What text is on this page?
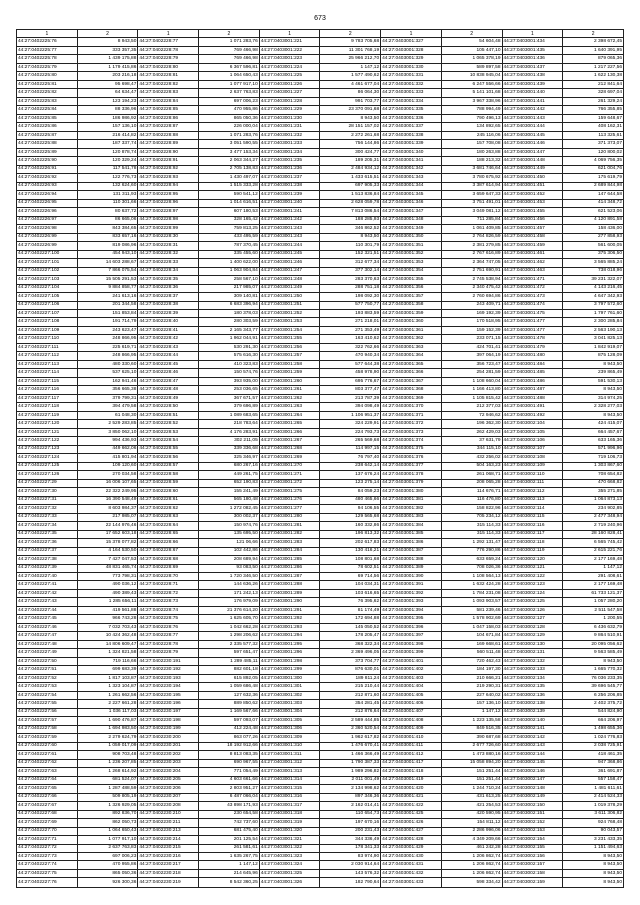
673
1	2	1	2	1	2	1	2	1	2
44:27:0402225:76	8 943,50	44:27:0402228:77	1 071 283,76	44:27:0403001:221	9 783 705,68	44:27:0403001:327	54 604,48	44:27:0403001:434	2 398 672,45
44:27:0402225:77	333 357,35	44:27:0402228:78	769 466,98	44:27:0403001:222	11 301 768,19	44:27:0403001:328	105 447,10	44:27:0403001:435	1 640 391,95
44:27:0402225:78	1 439 175,88	44:27:0402228:79	769 466,98	44:27:0403001:223	25 966 212,70	44:27:0403001:329	1 065 378,19	44:27:0403001:436	879 065,36
44:27:0402225:79	1 179 415,86	44:27:0402228:80	6 367 596,81	44:27:0403001:224	1 147,12	44:27:0403001:330	589 897,58	44:27:0403001:437	1 217 227,56
44:27:0402225:80	203 216,18	44:27:0402228:81	1 064 650,43	44:27:0403001:225	1 577 490,62	44:27:0403001:331	10 838 945,04	44:27:0403001:438	1 622 130,38
44:27:0402225:81	95 698,47	44:27:0402228:82	1 077 917,10	44:27:0403001:226	4 461 677,04	44:27:0403001:332	6 247 556,66	44:27:0403001:439	212 841,64
44:27:0402225:82	64 634,47	44:27:0402228:83	2 637 763,83	44:27:0403001:227	86 064,30	44:27:0403001:333	5 141 101,68	44:27:0403001:440	328 697,04
44:27:0402225:83	123 194,23	44:27:0402228:84	697 006,23	44:27:0403001:228	991 703,77	44:27:0403001:334	3 967 338,96	44:27:0403001:441	261 329,24
44:27:0402225:84	88 336,96	44:27:0402228:85	470 955,86	44:27:0403001:229	23 370 091,68	44:27:0403001:335	788 994,49	44:27:0403001:442	766 355,85
44:27:0402225:85	186 986,92	44:27:0402228:86	865 050,36	44:27:0403001:230	8 943,50	44:27:0403001:336	790 496,13	44:27:0403001:443	159 648,67
44:27:0402225:86	157 136,10	44:27:0402228:87	226 000,04	44:27:0403001:231	28 151 157,02	44:27:0403001:337	134 892,65	44:27:0403001:444	408 162,31
44:27:0402225:87	216 414,82	44:27:0402228:88	1 071 283,76	44:27:0403001:232	2 272 261,68	44:27:0403001:338	245 116,06	44:27:0403001:445	113 325,61
44:27:0402225:88	187 337,74	44:27:0402228:89	3 051 590,55	44:27:0403001:233	756 144,86	44:27:0403001:339	157 708,08	44:27:0403001:446	371 373,07
44:27:0402225:89	120 878,74	44:27:0402228:90	3 477 153,34	44:27:0403001:234	300 424,77	44:27:0403001:340	180 263,88	44:27:0403001:447	120 800,02
44:27:0402225:90	120 329,24	44:27:0402228:91	2 063 344,27	44:27:0403001:235	189 205,31	44:27:0403001:341	188 213,32	44:27:0403001:448	4 069 756,35
44:27:0402226:91	117 541,78	44:27:0402228:92	2 705 138,83	44:27:0403001:236	2 484 934,12	44:27:0403001:342	3 681 746,64	44:27:0403001:449	621 004,76
44:27:0402226:92	122 776,73	44:27:0402228:93	1 430 497,07	44:27:0403001:237	1 433 615,51	44:27:0403001:343	3 780 675,92	44:27:0403001:450	175 619,79
44:27:0402226:93	132 624,60	44:27:0402228:94	1 515 333,28	44:27:0403001:238	697 905,33	44:27:0403001:344	3 387 614,94	44:27:0403001:451	2 689 844,98
44:27:0402226:94	131 311,93	44:27:0402228:95	590 541,12	44:27:0403001:239	1 513 836,84	44:27:0403001:345	3 659 647,33	44:27:0403001:452	147 644,58
44:27:0402226:95	110 301,66	44:27:0402228:96	1 014 616,51	44:27:0403001:240	2 628 059,78	44:27:0403001:346	3 751 491,01	44:27:0403001:453	414 348,72
44:27:0402226:96	80 637,72	44:27:0402228:97	607 180,53	44:27:0403001:241	7 813 086,54	44:27:0403001:347	3 049 081,12	44:27:0403001:455	621 523,06
44:27:0402226:97	86 665,06	44:27:0402228:98	328 165,42	44:27:0403001:242	188 285,93	44:27:0403001:348	711 285,84	44:27:0403001:456	4 120 891,58
44:27:0402226:98	843 384,65	44:27:0402228:99	759 813,25	44:27:0403001:243	346 862,52	44:27:0403001:349	1 061 409,85	44:27:0403001:457	158 436,00
44:27:0402226:99	833 657,16	44:27:0402228:30	433 495,59	44:27:0403001:243	8 943,50	44:27:0403001:350	2 764 826,59	44:27:0403001:458	277 858,93
44:27:0402226:99	819 086,96	44:27:0402228:31	787 370,45	44:27:0403001:244	110 301,79	44:27:0403001:351	2 381 279,85	44:27:0403001:459	561 600,05
44:27:0402227:100	454 943,10	44:27:0402228:32	335 455,60	44:27:0403001:245	152 321,51	44:27:0403001:352	2 767 616,89	44:27:0403001:461	375 306,50
44:27:0402227:101	14 603 288,67	44:27:0402228:33	1 400 622,00	44:27:0403001:246	312 677,34	44:27:0403001:353	2 364 747,05	44:27:0403001:462	3 565 885,24
44:27:0402227:102	7 866 075,54	44:27:0402228:34	1 063 904,84	44:27:0403001:247	377 302,14	44:27:0403001:354	2 751 690,91	44:27:0403001:463	738 018,96
44:27:0402227:103	15 505 291,53	44:27:0402228:35	258 567,10	44:27:0403001:248	283 370,63	44:27:0403001:355	2 745 538,94	44:27:0403001:471	39 231 322,07
44:27:0402227:104	9 884 858,77	44:27:0402228:36	217 985,07	44:27:0403001:249	288 751,18	44:27:0403001:356	2 340 475,42	44:27:0403001:472	4 143 216,45
44:27:0402227:105	241 613,16	44:27:0402228:37	309 140,81	44:27:0403001:250	198 092,30	44:27:0403001:357	2 760 694,86	44:27:0403001:473	4 647 342,93
44:27:0402227:106	201 344,58	44:27:0402228:38	6 683 396,94	44:27:0403001:251	577 750,77	44:27:0403001:358	243 409,71	44:27:0403001:474	3 797 572,60
44:27:0402227:107	151 853,84	44:27:0402228:39	180 378,03	44:27:0403001:252	193 883,59	44:27:0403001:359	169 192,39	44:27:0403001:475	1 797 761,60
44:27:0402227:108	191 714,79	44:27:0402228:40	280 303,59	44:27:0403001:253	271 218,01	44:27:0403001:360	170 518,95	44:27:0403001:477	2 300 285,84
44:27:0402227:109	243 623,47	44:27:0402228:41	2 165 343,77	44:27:0403001:254	271 353,49	44:27:0403001:361	159 152,39	44:27:0403001:477	2 563 190,13
44:27:0402227:110	248 866,95	44:27:0402228:42	1 962 044,91	44:27:0403001:255	163 410,62	44:27:0403001:362	233 071,15	44:27:0403001:478	3 041 825,13
44:27:0402227:111	225 619,71	44:27:0402228:43	530 291,30	44:27:0403001:256	322 762,66	44:27:0403001:363	424 701,41	44:27:0403001:479	1 842 919,07
44:27:0402227:112	248 866,95	44:27:0402228:44	575 616,30	44:27:0403001:257	470 940,34	44:27:0403001:364	397 064,19	44:27:0403001:480	875 128,09
44:27:0402227:113	480 330,60	44:27:0402228:45	410 323,83	44:27:0403001:258	577 644,38	44:27:0403001:365	356 723,47	44:27:0403001:484	8 943,50
44:27:0402227:114	537 625,10	44:27:0402228:46	150 574,76	44:27:0403001:259	458 978,90	44:27:0403001:366	254 281,59	44:27:0403001:485	239 865,49
44:27:0402227:115	162 941,46	44:27:0402228:47	393 935,00	44:27:0403001:260	695 776,67	44:27:0403001:367	1 108 660,04	44:27:0403001:486	591 530,13
44:27:0402227:116	356 665,38	44:27:0402228:48	253 036,65	44:27:0403001:261	803 377,47	44:27:0403001:368	1 166 413,80	44:27:0403001:487	8 943,50
44:27:0402227:117	379 799,31	44:27:0402228:49	367 671,57	44:27:0403001:262	213 787,39	44:27:0403001:369	1 105 815,42	44:27:0403001:488	314 974,25
44:27:0402227:118	394 479,58	44:27:0402228:50	379 696,89	44:27:0403001:263	394 098,49	44:27:0403001:370	212 377,03	44:27:0403001:491	2 328 277,03
44:27:0402227:119	61 048,30	44:27:0402228:51	1 089 683,65	44:27:0403001:264	1 106 951,37	44:27:0403001:371	72 946,62	44:27:0403001:492	8 943,50
44:27:0402227:120	2 529 283,85	44:27:0402228:52	218 783,64	44:27:0403001:265	324 229,91	44:27:0403001:372	196 362,30	44:27:0403002:104	424 415,07
44:27:0402227:121	3 850 062,10	44:27:0402228:53	4 176 283,91	44:27:0403001:266	224 793,73	44:27:0403001:373	262 429,03	44:27:0403002:105	664 457,67
44:27:0402227:122	994 436,93	44:27:0402228:54	302 211,05	44:27:0403001:267	265 569,68	44:27:0403001:374	37 631,79	44:27:0403002:106	633 165,36
44:27:0402227:123	449 662,06	44:27:0402228:55	339 336,68	44:27:0403001:268	114 997,15	44:27:0403001:375	344 115,10	44:27:0403002:107	571 996,96
44:27:0402227:124	415 801,94	44:27:0402228:56	325 346,97	44:27:0403001:269	76 797,40	44:27:0403001:376	432 256,02	44:27:0403002:108	719 106,73
44:27:0402227:125	109 120,60	44:27:0402228:57	680 267,16	44:27:0403001:270	238 642,14	44:27:0403001:377	504 163,23	44:27:0403002:109	1 303 867,60
44:27:0402227:126	270 034,58	44:27:0402228:58	449 261,75	44:27:0403001:271	137 676,24	44:27:0403001:378	261 068,71	44:27:0403002:110	708 654,82
44:27:0402227:29	16 006 107,65	44:27:0402228:59	652 190,83	44:27:0403001:272	123 275,14	44:27:0403001:379	208 065,28	44:27:0403002:111	470 668,82
44:27:0402227:30	22 322 249,95	44:27:0402228:60	155 241,49	44:27:0403001:275	84 059,23	44:27:0403001:380	114 676,71	44:27:0403002:112	355 271,85
44:27:0402227:31	16 390 548,49	44:27:0402228:61	565 180,48	44:27:0403001:276	480 465,66	44:27:0403001:381	116 476,80	44:27:0403002:113	1 064 873,13
44:27:0402227:32	8 603 984,37	44:27:0402228:62	1 272 082,45	44:27:0403001:277	94 106,55	44:27:0403001:382	158 822,96	44:27:0403002:114	234 902,85
44:27:0402227:33	217 985,07	44:27:0402228:63	300 002,37	44:27:0403001:280	129 565,68	44:27:0403001:383	705 234,12	44:27:0403002:115	2 477 348,94
44:27:0402227:34	22 144 976,46	44:27:0402228:64	150 974,76	44:27:0403001:281	160 332,86	44:27:0403001:384	315 114,33	44:27:0403002:116	2 719 240,96
44:27:0402227:35	17 652 603,18	44:27:0402228:65	135 695,50	44:27:0403001:282	196 813,32	44:27:0403001:385	315 114,33	44:27:0403002:117	28 160 828,41
44:27:0402227:36	15 378 077,82	44:27:0402228:66	121 06,66	44:27:0403001:283	202 617,83	44:27:0403001:386	1 292 131,47	44:27:0403002:118	6 565 745,42
44:27:0402227:37	4 164 530,50	44:27:0402228:67	102 442,86	44:27:0403001:284	130 416,21	44:27:0403001:387	776 290,86	44:27:0403002:119	2 615 221,76
44:27:0402227:38	7 427 047,53	44:27:0402228:68	208 689,94	44:27:0403001:285	108 801,68	44:27:0403001:388	633 659,24	44:27:0403002:120	2 177 169,48
44:27:0402227:39	48 831 465,74	44:27:0402228:69	93 083,50	44:27:0403001:286	78 602,51	44:27:0403001:389	708 026,36	44:27:0403002:121	1 147,12
44:27:0402227:40	773 798,31	44:27:0402228:70	1 720 346,50	44:27:0403001:287	69 714,56	44:27:0403001:390	1 108 564,13	44:27:0403002:122	291 408,61
44:27:0402227:41	490 036,12	44:27:0402228:71	144 636,26	44:27:0403001:288	104 034,31	44:27:0403001:391	1 632 424,28	44:27:0403002:123	2 177 169,48
44:27:0402227:42	490 389,43	44:27:0402228:72	171 242,13	44:27:0403001:289	103 616,65	44:27:0403001:392	1 784 231,08	44:27:0403002:124	61 733 121,37
44:27:0402227:43	1 285 656,11	44:27:0402228:73	176 979,09	44:27:0403001:290	76 395,62	44:27:0403001:393	1 093 903,57	44:27:0403002:125	1 057 280,20
44:27:0402227:44	419 561,88	44:27:0402228:74	21 376 614,20	44:27:0403001:291	81 174,49	44:27:0403001:394	581 239,46	44:27:0403002:126	2 511 547,58
44:27:0402227:45	966 743,28	44:27:0402228:75	1 625 605,70	44:27:0403001:292	172 694,88	44:27:0403001:395	1 578 902,69	44:27:0403002:127	1 200,55
44:27:0402227:46	7 032 703,43	44:27:0402228:76	1 042 662,28	44:27:0403001:293	145 050,52	44:27:0403001:396	1 047 158,03	44:27:0403002:128	6 436 632,79
44:27:0402227:47	10 424 362,48	44:27:0402228:77	1 298 206,62	44:27:0403001:294	178 205,47	44:27:0403001:397	104 671,84	44:27:0403002:129	9 864 510,91
44:27:0402227:48	14 806 609,47	44:27:0402228:78	2 335 577,32	44:27:0403001:295	368 322,34	44:27:0403001:398	169 668,61	44:27:0403002:130	20 095 056,62
44:27:0402227:49	1 324 821,58	44:27:0402228:79	597 651,47	44:27:0403001:296	2 369 496,05	44:27:0403001:399	560 511,48	44:27:0403002:131	9 563 585,49
44:27:0402227:50	719 116,66	44:27:0402230:191	1 289 485,11	44:27:0403001:298	373 704,77	44:27:0403001:401	720 462,43	44:27:0403002:132	8 943,50
44:27:0402227:51	699 683,39	44:27:0402230:192	882 601,18	44:27:0403001:299	876 630,01	44:27:0403001:402	184 197,30	44:27:0403002:133	1 665 770,32
44:27:0402227:52	1 817 103,87	44:27:0402230:193	615 892,05	44:27:0403001:300	189 811,24	44:27:0403001:403	210 666,21	44:27:0403002:134	76 036 233,35
44:27:0402227:53	1 323 104,87	44:27:0402230:194	1 059 686,48	44:27:0403001:301	215 210,44	44:27:0403001:404	219 290,31	44:27:0403002:135	39 696 545,77
44:27:0402227:54	1 261 662,56	44:27:0402230:195	127 632,36	44:27:0403001:302	212 871,60	44:27:0403001:405	227 640,02	44:27:0403002:136	6 256 206,85
44:27:0402227:55	2 227 661,28	44:27:0402230:196	889 850,62	44:27:0403001:303	354 281,45	44:27:0403001:406	157 136,10	44:27:0403002:138	2 402 375,72
44:27:0402227:56	1 036 117,03	44:27:0402230:197	1 169 567,66	44:27:0403001:304	212 876,64	44:27:0403001:407	1 147,12	44:27:0403002:139	544 824,90
44:27:0402227:57	1 690 476,87	44:27:0402230:198	597 093,07	44:27:0403001:305	2 589 444,85	44:27:0403001:408	1 223 135,58	44:27:0403002:140	664 206,97
44:27:0402227:58	1 694 983,50	44:27:0402230:199	412 224,48	44:27:0403001:306	2 360 520,54	44:27:0403001:409	849 516,35	44:27:0403002:141	1 498 655,36
44:27:0402227:59	2 279 624,79	44:27:0402230:200	863 077,26	44:27:0403001:309	1 962 617,82	44:27:0403001:410	390 687,68	44:27:0403002:142	1 024 776,83
44:27:0402227:60	1 059 017,09	44:27:0402230:201	18 192 912,66	44:27:0403001:310	1 476 670,41	44:27:0403001:411	2 677 726,60	44:27:0403002:143	2 038 725,91
44:27:0402227:61	908 703,48	44:27:0402230:202	8 813 083,35	44:27:0403001:311	1 466 366,49	44:27:0403001:412	1 473 880,16	44:27:0403002:144	418 461,35
44:27:0402227:62	1 236 207,85	44:27:0402230:203	690 967,55	44:27:0403001:312	1 790 387,33	44:27:0403001:417	15 058 894,20	44:27:0403002:145	947 368,86
44:27:0402227:63	1 268 614,92	44:27:0402230:204	771 054,49	44:27:0403001:313	1 989 296,82	44:27:0403001:418	151 251,44	44:27:0403002:146	361 691,87
44:27:0402227:64	681 524,07	44:27:0402230:205	4 603 661,66	44:27:0403001:314	2 011 001,49	44:27:0403001:419	151 251,44	44:27:0403002:147	557 158,47
44:27:0402227:65	1 287 488,59	44:27:0402230:206	2 803 951,27	44:27:0403001:315	2 134 998,62	44:27:0403001:420	1 244 710,24	44:27:0403002:148	1 481 611,61
44:27:0402227:66	509 805,19	44:27:0402230:207	6 487 066,04	44:27:0403001:316	897 346,36	44:27:0403001:421	431 613,25	44:27:0403002:149	2 414 524,33
44:27:0402227:67	1 326 929,05	44:27:0402230:208	43 898 171,93	44:27:0403001:317	2 162 014,41	44:27:0403001:422	421 254,53	44:27:0403002:150	1 019 378,29
44:27:0402227:68	892 836,70	44:27:0402230:210	230 654,58	44:27:0403001:318	110 654,73	44:27:0403001:425	420 590,95	44:27:0403002:151	3 611 306,82
44:27:0402227:69	862 050,73	44:27:0402230:211	742 737,60	44:27:0403001:319	197 670,16	44:27:0403001:426	154 811,12	44:27:0403002:152	924 768,48
44:27:0402227:70	1 064 650,43	44:27:0402230:213	681 475,40	44:27:0403001:320	200 231,43	44:27:0403001:427	2 286 996,06	44:27:0403002:153	90 043,57
44:27:0402227:71	1 077 917,10	44:27:0402230:214	201 125,54	44:27:0403001:321	344 336,49	44:27:0403001:428	4 349 209,66	44:27:0403002:154	3 231 433,35
44:27:0402227:72	2 637 763,83	44:27:0402230:215	261 581,61	44:27:0403001:322	178 341,33	44:27:0403001:429	461 242,28	44:27:0403002:155	1 151 494,63
44:27:0402227:73	697 006,23	44:27:0402230:216	1 635 267,75	44:27:0403001:323	83 974,90	44:27:0403001:430	1 206 862,74	44:27:0403002:156	8 943,50
44:27:0402227:74	470 955,86	44:27:0402230:217	1 147,12	44:27:0403001:324	2 030 914,64	44:27:0403001:431	1 206 862,74	44:27:0403002:157	8 943,50
44:27:0402227:75	865 050,36	44:27:0402230:218	214 645,96	44:27:0403001:325	143 576,32	44:27:0403001:432	1 206 862,74	44:27:0403002:158	8 943,50
44:27:0402227:76	926 300,36	44:27:0402230:219	8 542 360,25	44:27:0403001:326	182 790,64	44:27:0403001:433	598 334,42	44:27:0403002:159	8 943,50
